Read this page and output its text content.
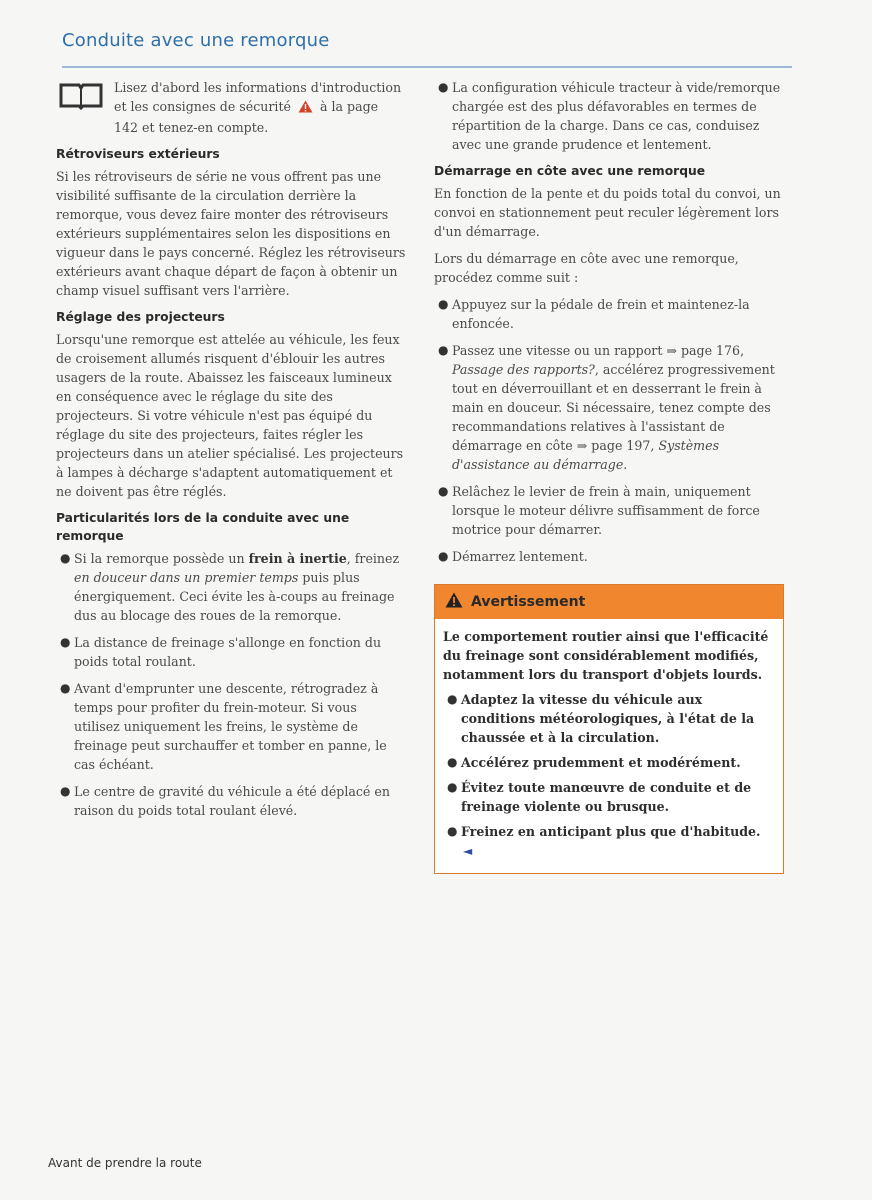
Conduite avec une remorque
Lisez d'abord les informations d'introduction et les consignes de sécurité à la page 142 et tenez-en compte.
Rétroviseurs extérieurs
Si les rétroviseurs de série ne vous offrent pas une visibilité suffisante de la circulation derrière la remorque, vous devez faire monter des rétroviseurs extérieurs supplémentaires selon les dispositions en vigueur dans le pays concerné. Réglez les rétroviseurs extérieurs avant chaque départ de façon à obtenir un champ visuel suffisant vers l'arrière.
Réglage des projecteurs
Lorsqu'une remorque est attelée au véhicule, les feux de croisement allumés risquent d'éblouir les autres usagers de la route. Abaissez les faisceaux lumineux en conséquence avec le réglage du site des projecteurs. Si votre véhicule n'est pas équipé du réglage du site des projecteurs, faites régler les projecteurs dans un atelier spécialisé. Les projecteurs à lampes à décharge s'adaptent automatiquement et ne doivent pas être réglés.
Particularités lors de la conduite avec une remorque
● Si la remorque possède un frein à inertie, freinez en douceur dans un premier temps puis plus énergiquement. Ceci évite les à-coups au freinage dus au blocage des roues de la remorque.
● La distance de freinage s'allonge en fonction du poids total roulant.
● Avant d'emprunter une descente, rétrogradez à temps pour profiter du frein-moteur. Si vous utilisez uniquement les freins, le système de freinage peut surchauffer et tomber en panne, le cas échéant.
● Le centre de gravité du véhicule a été déplacé en raison du poids total roulant élevé.
● La configuration véhicule tracteur à vide/remorque chargée est des plus défavorables en termes de répartition de la charge. Dans ce cas, conduisez avec une grande prudence et lentement.
Démarrage en côte avec une remorque
En fonction de la pente et du poids total du convoi, un convoi en stationnement peut reculer légèrement lors d'un démarrage.
Lors du démarrage en côte avec une remorque, procédez comme suit :
● Appuyez sur la pédale de frein et maintenez-la enfoncée.
● Passez une vitesse ou un rapport ⇒ page 176, Passage des rapports?, accélérez progressivement tout en déverrouillant et en desserrant le frein à main en douceur. Si nécessaire, tenez compte des recommandations relatives à l'assistant de démarrage en côte ⇒ page 197, Systèmes d'assistance au démarrage.
● Relâchez le levier de frein à main, uniquement lorsque le moteur délivre suffisamment de force motrice pour démarrer.
● Démarrez lentement.
Avertissement
Le comportement routier ainsi que l'efficacité du freinage sont considérablement modifiés, notamment lors du transport d'objets lourds.
● Adaptez la vitesse du véhicule aux conditions météorologiques, à l'état de la chaussée et à la circulation.
● Accélérez prudemment et modérément.
● Évitez toute manœuvre de conduite et de freinage violente ou brusque.
● Freinez en anticipant plus que d'habitude. ◄
Avant de prendre la route
